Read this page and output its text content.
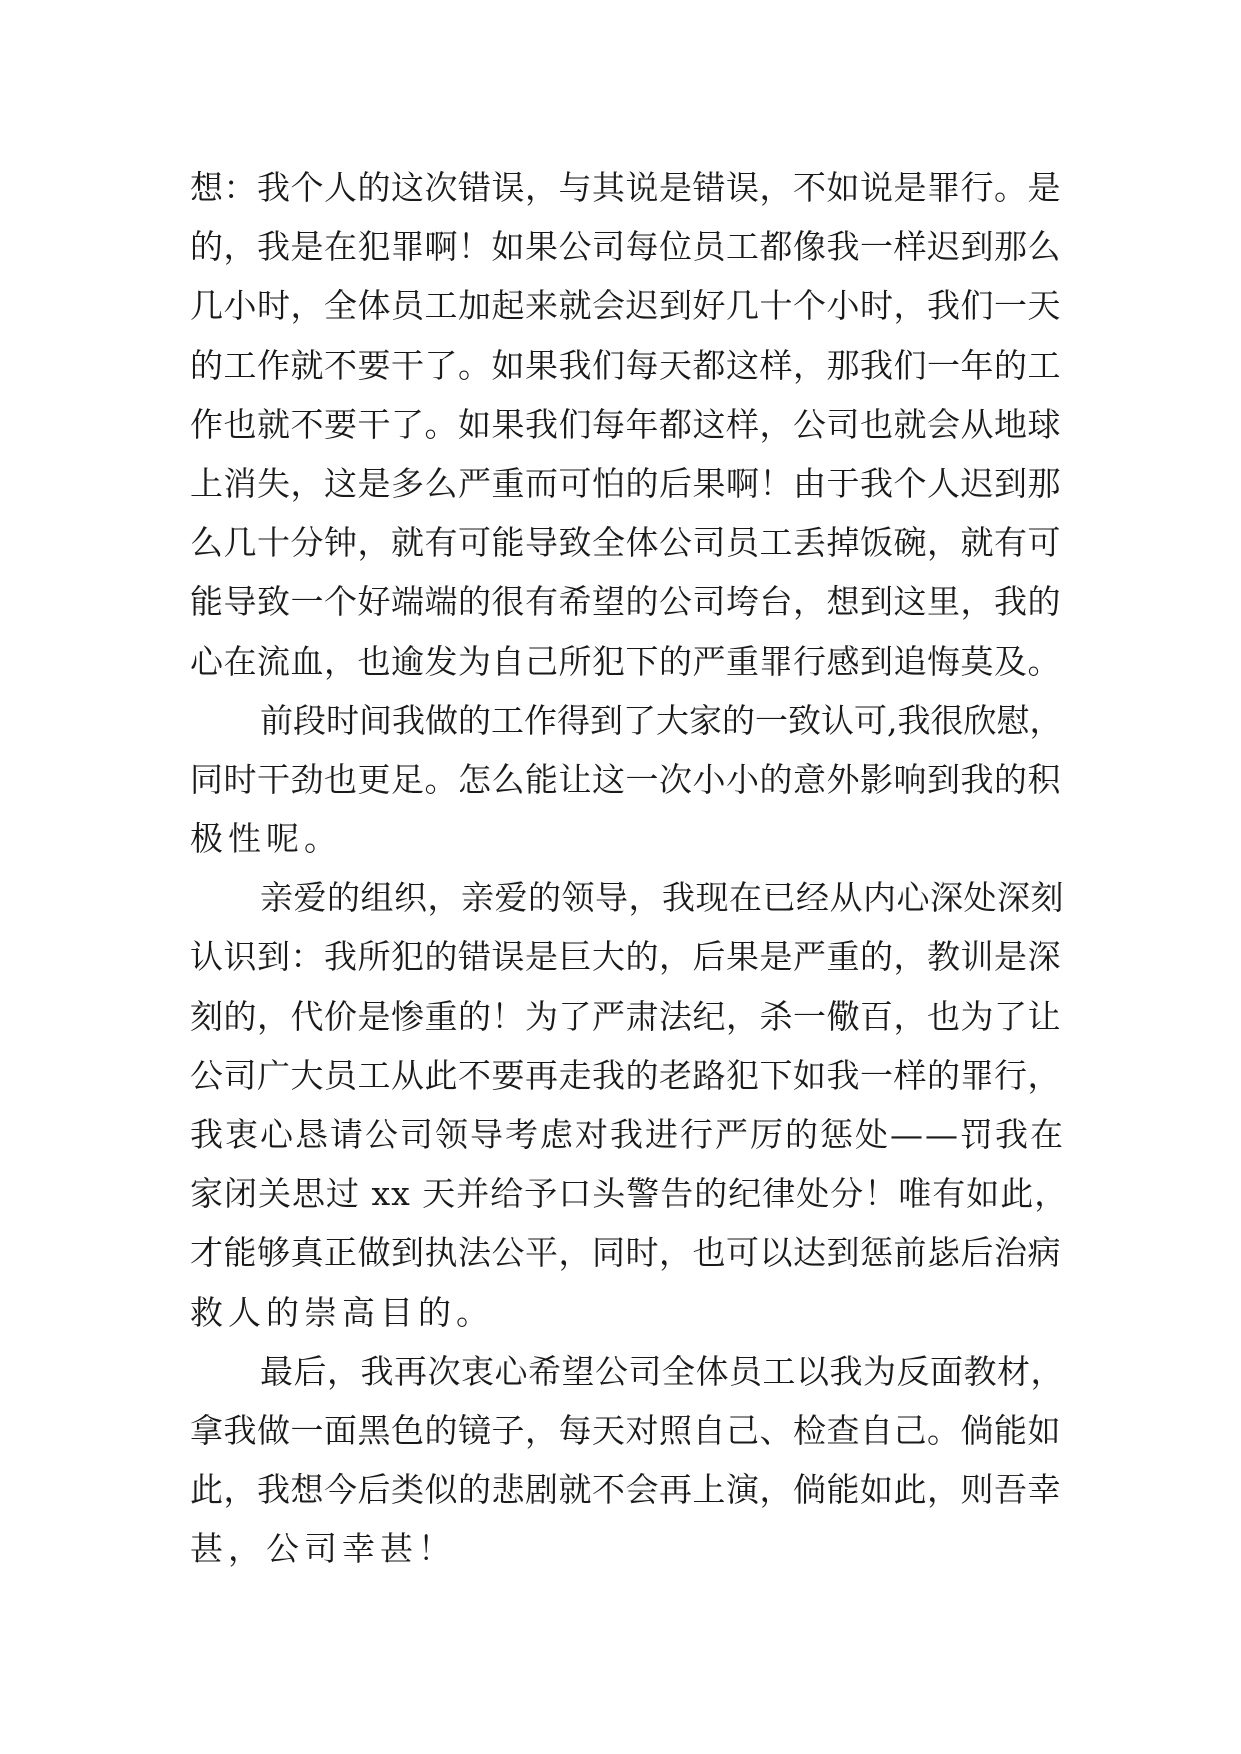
想：我个人的这次错误，与其说是错误，不如说是罪行。是
的，我是在犯罪啊！如果公司每位员工都像我一样迟到那么
几小时，全体员工加起来就会迟到好几十个小时，我们一天
的工作就不要干了。如果我们每天都这样，那我们一年的工
作也就不要干了。如果我们每年都这样，公司也就会从地球
上消失，这是多么严重而可怕的后果啊！由于我个人迟到那
么几十分钟，就有可能导致全体公司员工丢掉饭碗，就有可
能导致一个好端端的很有希望的公司垮台，想到这里，我的
心在流血，也逾发为自己所犯下的严重罪行感到追悔莫及。
前段时间我做的工作得到了大家的一致认可,我很欣慰，
同时干劲也更足。怎么能让这一次小小的意外影响到我的积
极性呢。
亲爱的组织，亲爱的领导，我现在已经从内心深处深刻
认识到：我所犯的错误是巨大的，后果是严重的，教训是深
刻的，代价是惨重的！为了严肃法纪，杀一儆百，也为了让
公司广大员工从此不要再走我的老路犯下如我一样的罪行，
我衷心恳请公司领导考虑对我进行严厉的惩处——罚我在
家闭关思过 xx 天并给予口头警告的纪律处分！唯有如此，
才能够真正做到执法公平，同时，也可以达到惩前毖后治病
救人的崇高目的。
最后，我再次衷心希望公司全体员工以我为反面教材，
拿我做一面黑色的镜子，每天对照自己、检查自己。倘能如
此，我想今后类似的悲剧就不会再上演，倘能如此，则吾幸
甚，公司幸甚！
